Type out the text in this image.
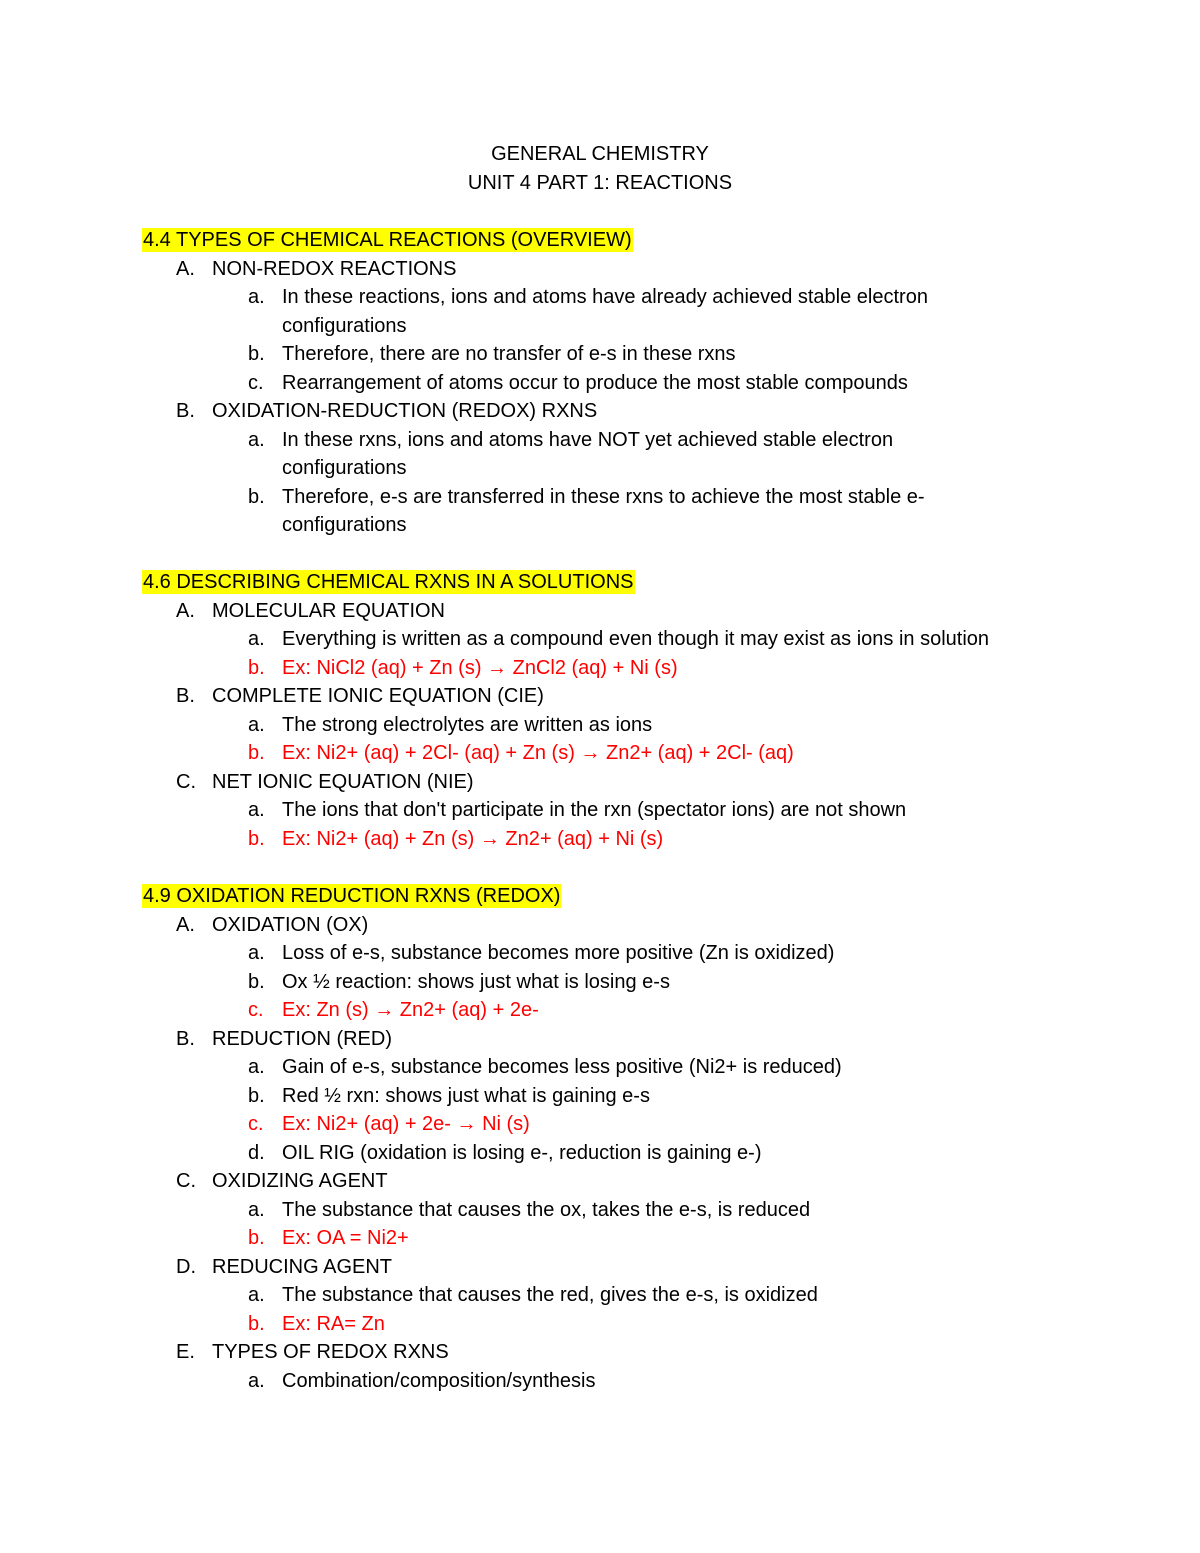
GENERAL CHEMISTRY
UNIT 4 PART 1: REACTIONS
4.4 TYPES OF CHEMICAL REACTIONS (OVERVIEW)
A. NON-REDOX REACTIONS
a. In these reactions, ions and atoms have already achieved stable electron
configurations
b. Therefore, there are no transfer of e-s in these rxns
c. Rearrangement of atoms occur to produce the most stable compounds
B. OXIDATION-REDUCTION (REDOX) RXNS
a. In these rxns, ions and atoms have NOT yet achieved stable electron
configurations
b. Therefore, e-s are transferred in these rxns to achieve the most stable e-
configurations
4.6 DESCRIBING CHEMICAL RXNS IN A SOLUTIONS
A. MOLECULAR EQUATION
a. Everything is written as a compound even though it may exist as ions in solution
b. Ex: NiCl2 (aq) + Zn (s) → ZnCl2 (aq) + Ni (s)
B. COMPLETE IONIC EQUATION (CIE)
a. The strong electrolytes are written as ions
b. Ex: Ni2+ (aq) + 2Cl- (aq) + Zn (s) → Zn2+ (aq) + 2Cl- (aq)
C. NET IONIC EQUATION (NIE)
a. The ions that don't participate in the rxn (spectator ions) are not shown
b. Ex: Ni2+ (aq) + Zn (s) → Zn2+ (aq) + Ni (s)
4.9 OXIDATION REDUCTION RXNS (REDOX)
A. OXIDATION (OX)
a. Loss of e-s, substance becomes more positive (Zn is oxidized)
b. Ox ½ reaction: shows just what is losing e-s
c. Ex: Zn (s) → Zn2+ (aq) + 2e-
B. REDUCTION (RED)
a. Gain of e-s, substance becomes less positive (Ni2+ is reduced)
b. Red ½ rxn: shows just what is gaining e-s
c. Ex: Ni2+ (aq) + 2e- → Ni (s)
d. OIL RIG (oxidation is losing e-, reduction is gaining e-)
C. OXIDIZING AGENT
a. The substance that causes the ox, takes the e-s, is reduced
b. Ex: OA = Ni2+
D. REDUCING AGENT
a. The substance that causes the red, gives the e-s, is oxidized
b. Ex: RA= Zn
E. TYPES OF REDOX RXNS
a. Combination/composition/synthesis
